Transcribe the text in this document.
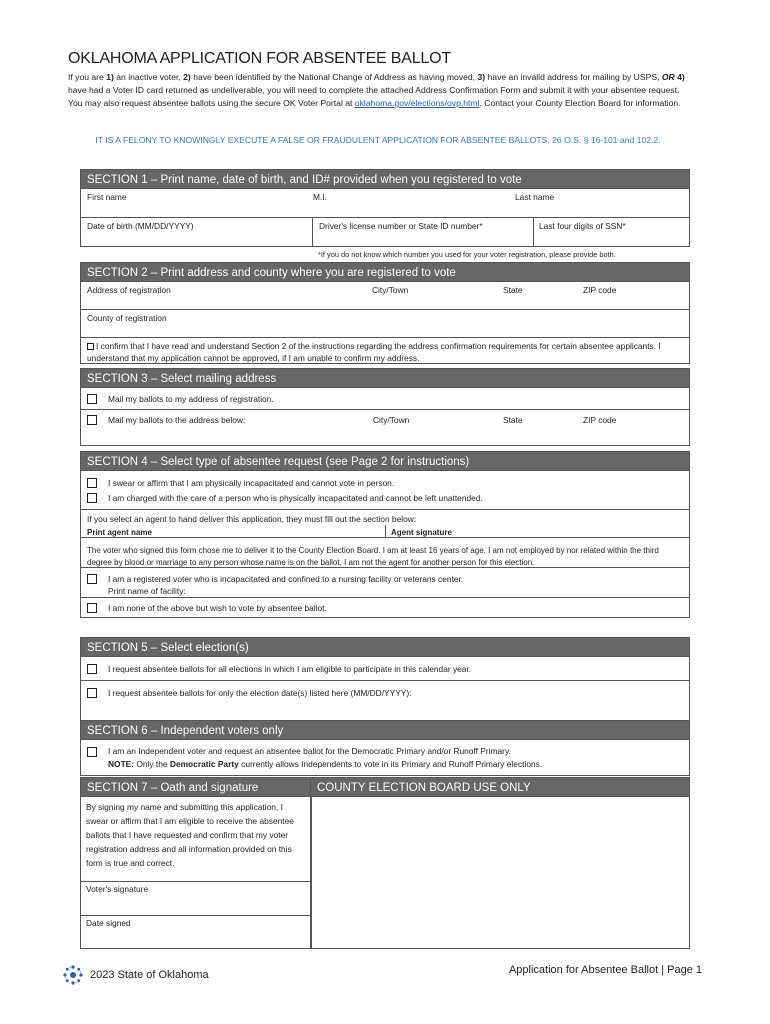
OKLAHOMA APPLICATION FOR ABSENTEE BALLOT
If you are 1) an inactive voter, 2) have been identified by the National Change of Address as having moved, 3) have an invalid address for mailing by USPS, OR 4) have had a Voter ID card returned as undeliverable, you will need to complete the attached Address Confirmation Form and submit it with your absentee request. You may also request absentee ballots using the secure OK Voter Portal at oklahoma.gov/elections/ovp.html. Contact your County Election Board for information.
IT IS A FELONY TO KNOWINGLY EXECUTE A FALSE OR FRAUDULENT APPLICATION FOR ABSENTEE BALLOTS. 26 O.S. § 16-101 and 102.2.
SECTION 1 – Print name, date of birth, and ID# provided when you registered to vote
First name	M.I.	Last name
Date of birth (MM/DD/YYYY)	Driver's license number or State ID number*	Last four digits of SSN*
*If you do not know which number you used for your voter registration, please provide both.
SECTION 2 – Print address and county where you are registered to vote
Address of registration	City/Town	State	ZIP code
County of registration
I confirm that I have read and understand Section 2 of the instructions regarding the address confirmation requirements for certain absentee applicants. I understand that my application cannot be approved, if I am unable to confirm my address.
SECTION 3 – Select mailing address
Mail my ballots to my address of registration.
Mail my ballots to the address below:	City/Town	State	ZIP code
SECTION 4 – Select type of absentee request (see Page 2 for instructions)
I swear or affirm that I am physically incapacitated and cannot vote in person.
I am charged with the care of a person who is physically incapacitated and cannot be left unattended.
If you select an agent to hand deliver this application, they must fill out the section below:
Print agent name	Agent signature
The voter who signed this form chose me to deliver it to the County Election Board. I am at least 16 years of age. I am not employed by nor related within the third degree by blood or marriage to any person whose name is on the ballot. I am not the agent for another person for this election.
I am a registered voter who is incapacitated and confined to a nursing facility or veterans center.
Print name of facility:
I am none of the above but wish to vote by absentee ballot.
SECTION 5 – Select election(s)
I request absentee ballots for all elections in which I am eligible to participate in this calendar year.
I request absentee ballots for only the election date(s) listed here (MM/DD/YYYY):
SECTION 6 – Independent voters only
I am an Independent voter and request an absentee ballot for the Democratic Primary and/or Runoff Primary.
NOTE: Only the Democratic Party currently allows Independents to vote in its Primary and Runoff Primary elections.
SECTION 7 – Oath and signature
By signing my name and submitting this application, I swear or affirm that I am eligible to receive the absentee ballots that I have requested and confirm that my voter registration address and all information provided on this form is true and correct.
Voter's signature
Date signed
COUNTY ELECTION BOARD USE ONLY
2023 State of Oklahoma	Application for Absentee Ballot | Page 1
